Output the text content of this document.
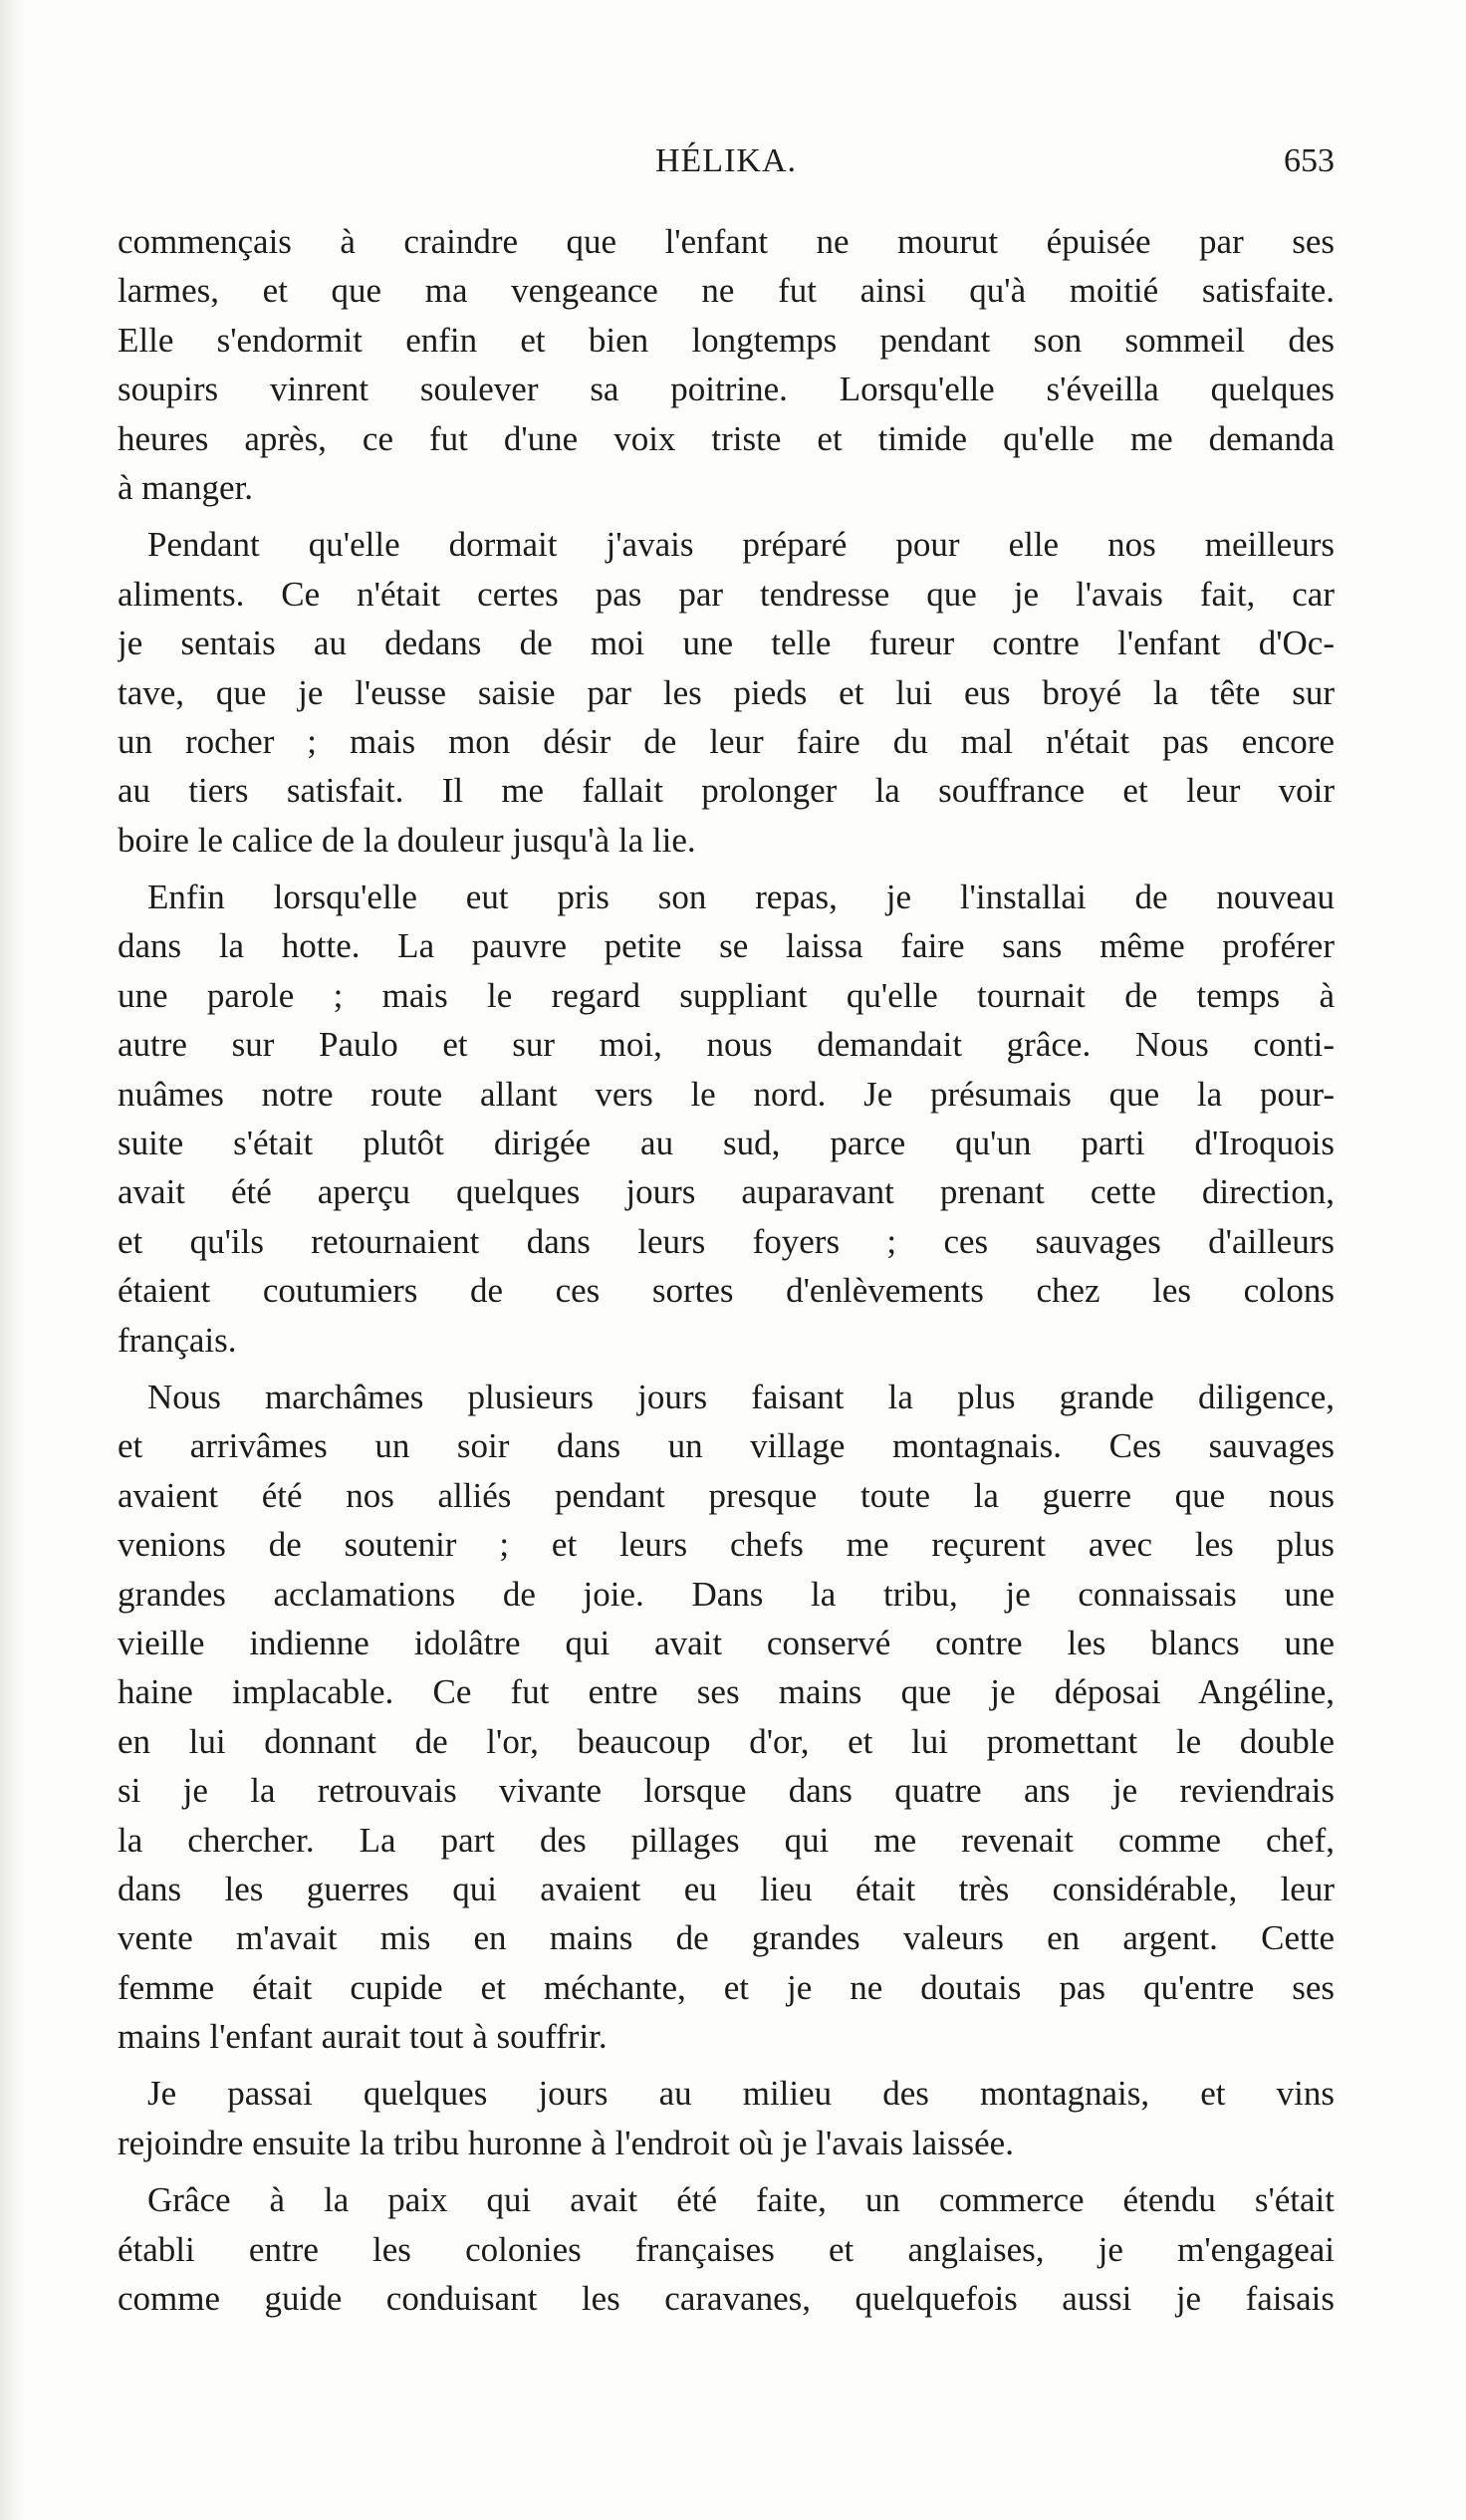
HÉLIKA.	653
commençais à craindre que l'enfant ne mourut épuisée par ses
larmes, et que ma vengeance ne fut ainsi qu'à moitié satisfaite.
Elle s'endormit enfin et bien longtemps pendant son sommeil des
soupirs vinrent soulever sa poitrine. Lorsqu'elle s'éveilla quelques
heures après, ce fut d'une voix triste et timide qu'elle me demanda
à manger.
Pendant qu'elle dormait j'avais préparé pour elle nos meilleurs
aliments. Ce n'était certes pas par tendresse que je l'avais fait, car
je sentais au dedans de moi une telle fureur contre l'enfant d'Oc-
tave, que je l'eusse saisie par les pieds et lui eus broyé la tête sur
un rocher ; mais mon désir de leur faire du mal n'était pas encore
au tiers satisfait. Il me fallait prolonger la souffrance et leur voir
boire le calice de la douleur jusqu'à la lie.
Enfin lorsqu'elle eut pris son repas, je l'installai de nouveau
dans la hotte. La pauvre petite se laissa faire sans même proférer
une parole ; mais le regard suppliant qu'elle tournait de temps à
autre sur Paulo et sur moi, nous demandait grâce. Nous conti-
nuâmes notre route allant vers le nord. Je présumais que la pour-
suite s'était plutôt dirigée au sud, parce qu'un parti d'Iroquois
avait été aperçu quelques jours auparavant prenant cette direction,
et qu'ils retournaient dans leurs foyers ; ces sauvages d'ailleurs
étaient coutumiers de ces sortes d'enlèvements chez les colons
français.
Nous marchâmes plusieurs jours faisant la plus grande diligence,
et arrivâmes un soir dans un village montagnais. Ces sauvages
avaient été nos alliés pendant presque toute la guerre que nous
venions de soutenir ; et leurs chefs me reçurent avec les plus
grandes acclamations de joie. Dans la tribu, je connaissais une
vieille indienne idolâtre qui avait conservé contre les blancs une
haine implacable. Ce fut entre ses mains que je déposai Angéline,
en lui donnant de l'or, beaucoup d'or, et lui promettant le double
si je la retrouvais vivante lorsque dans quatre ans je reviendrais
la chercher. La part des pillages qui me revenait comme chef,
dans les guerres qui avaient eu lieu était très considérable, leur
vente m'avait mis en mains de grandes valeurs en argent. Cette
femme était cupide et méchante, et je ne doutais pas qu'entre ses
mains l'enfant aurait tout à souffrir.
Je passai quelques jours au milieu des montagnais, et vins
rejoindre ensuite la tribu huronne à l'endroit où je l'avais laissée.
Grâce à la paix qui avait été faite, un commerce étendu s'était
établi entre les colonies françaises et anglaises, je m'engageai
comme guide conduisant les caravanes, quelquefois aussi je faisais
